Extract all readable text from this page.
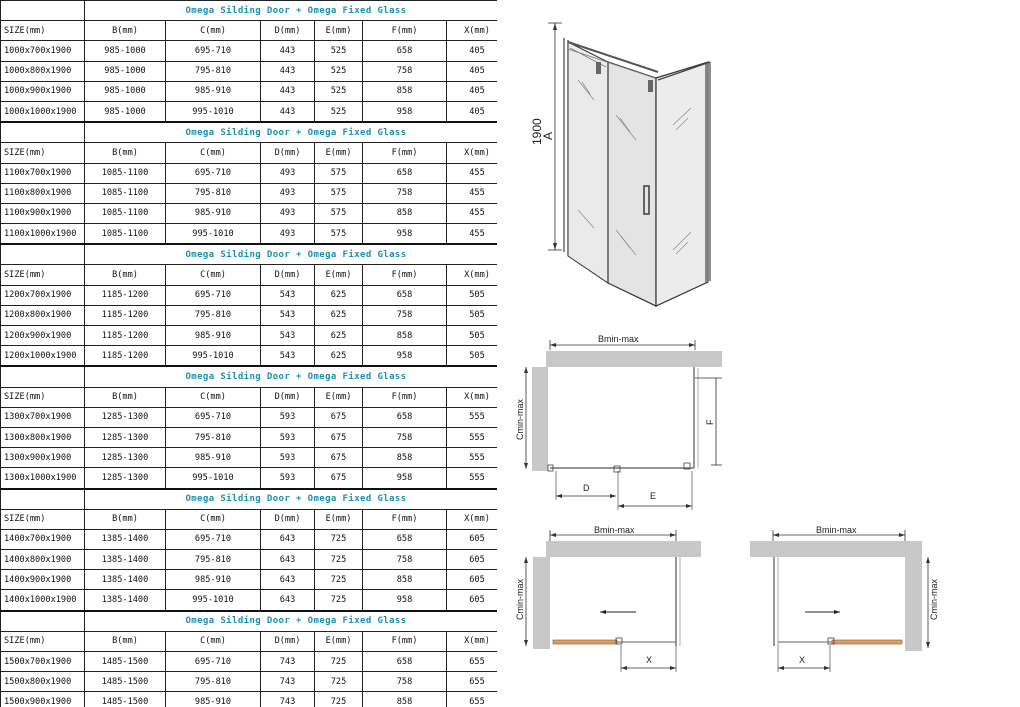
	Omega Silding Door + Omega Fixed Glass					
SIZE(mm)	B(mm)	C(mm)	D(mm)	E(mm)	F(mm)	X(mm)
1000x700x1900	985-1000	695-710	443	525	658	405
1000x800x1900	985-1000	795-810	443	525	758	405
1000x900x1900	985-1000	985-910	443	525	858	405
1000x1000x1900	985-1000	995-1010	443	525	958	405
	Omega Silding Door + Omega Fixed Glass					
SIZE(mm)	B(mm)	C(mm)	D(mm)	E(mm)	F(mm)	X(mm)
1100x700x1900	1085-1100	695-710	493	575	658	455
1100x800x1900	1085-1100	795-810	493	575	758	455
1100x900x1900	1085-1100	985-910	493	575	858	455
1100x1000x1900	1085-1100	995-1010	493	575	958	455
	Omega Silding Door + Omega Fixed Glass					
SIZE(mm)	B(mm)	C(mm)	D(mm)	E(mm)	F(mm)	X(mm)
1200x700x1900	1185-1200	695-710	543	625	658	505
1200x800x1900	1185-1200	795-810	543	625	758	505
1200x900x1900	1185-1200	985-910	543	625	858	505
1200x1000x1900	1185-1200	995-1010	543	625	958	505
	Omega Silding Door + Omega Fixed Glass					
SIZE(mm)	B(mm)	C(mm)	D(mm)	E(mm)	F(mm)	X(mm)
1300x700x1900	1285-1300	695-710	593	675	658	555
1300x800x1900	1285-1300	795-810	593	675	758	555
1300x900x1900	1285-1300	985-910	593	675	858	555
1300x1000x1900	1285-1300	995-1010	593	675	958	555
	Omega Silding Door + Omega Fixed Glass					
SIZE(mm)	B(mm)	C(mm)	D(mm)	E(mm)	F(mm)	X(mm)
1400x700x1900	1385-1400	695-710	643	725	658	605
1400x800x1900	1385-1400	795-810	643	725	758	605
1400x900x1900	1385-1400	985-910	643	725	858	605
1400x1000x1900	1385-1400	995-1010	643	725	958	605
	Omega Silding Door + Omega Fixed Glass					
SIZE(mm)	B(mm)	C(mm)	D(mm)	E(mm)	F(mm)	X(mm)
1500x700x1900	1485-1500	695-710	743	725	658	655
1500x800x1900	1485-1500	795-810	743	725	758	655
1500x900x1900	1485-1500	985-910	743	725	858	655
1900
A
Bmin-max
Cmin-max	F
D
E
Bmin-max
Cmin-max
X
Bmin-max
Cmin-max
X
